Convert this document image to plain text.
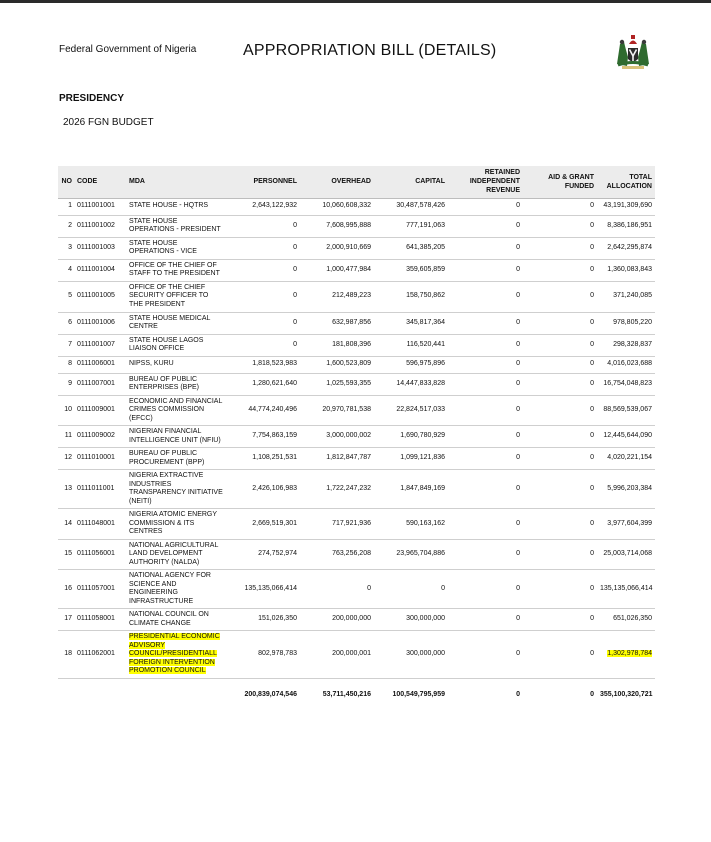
Federal Government of Nigeria	APPROPRIATION BILL (DETAILS)
PRESIDENCY
2026 FGN BUDGET
NO	CODE	MDA	PERSONNEL	OVERHEAD	CAPITAL	RETAINED INDEPENDENT REVENUE	AID & GRANT FUNDED	TOTAL ALLOCATION
1	0111001001	STATE HOUSE - HQTRS	2,643,122,932	10,060,608,332	30,487,578,426	0	0	43,191,309,690
2	0111001002	STATE HOUSE OPERATIONS - PRESIDENT	0	7,608,995,888	777,191,063	0	0	8,386,186,951
3	0111001003	STATE HOUSE OPERATIONS - VICE	0	2,000,910,669	641,385,205	0	0	2,642,295,874
4	0111001004	OFFICE OF THE CHIEF OF STAFF TO THE PRESIDENT	0	1,000,477,984	359,605,859	0	0	1,360,083,843
5	0111001005	OFFICE OF THE CHIEF SECURITY OFFICER TO THE PRESIDENT	0	212,489,223	158,750,862	0	0	371,240,085
6	0111001006	STATE HOUSE MEDICAL CENTRE	0	632,987,856	345,817,364	0	0	978,805,220
7	0111001007	STATE HOUSE LAGOS LIAISON OFFICE	0	181,808,396	116,520,441	0	0	298,328,837
8	0111006001	NIPSS, KURU	1,818,523,983	1,600,523,809	596,975,896	0	0	4,016,023,688
9	0111007001	BUREAU OF PUBLIC ENTERPRISES (BPE)	1,280,621,640	1,025,593,355	14,447,833,828	0	0	16,754,048,823
10	0111009001	ECONOMIC AND FINANCIAL CRIMES COMMISSION (EFCC)	44,774,240,496	20,970,781,538	22,824,517,033	0	0	88,569,539,067
11	0111009002	NIGERIAN FINANCIAL INTELLIGENCE UNIT (NFIU)	7,754,863,159	3,000,000,002	1,690,780,929	0	0	12,445,644,090
12	0111010001	BUREAU OF PUBLIC PROCUREMENT (BPP)	1,108,251,531	1,812,847,787	1,099,121,836	0	0	4,020,221,154
13	0111011001	NIGERIA EXTRACTIVE INDUSTRIES TRANSPARENCY INITIATIVE (NEITI)	2,426,106,983	1,722,247,232	1,847,849,169	0	0	5,996,203,384
14	0111048001	NIGERIA ATOMIC ENERGY COMMISSION & ITS CENTRES	2,669,519,301	717,921,936	590,163,162	0	0	3,977,604,399
15	0111056001	NATIONAL AGRICULTURAL LAND DEVELOPMENT AUTHORITY (NALDA)	274,752,974	763,256,208	23,965,704,886	0	0	25,003,714,068
16	0111057001	NATIONAL AGENCY FOR SCIENCE AND ENGINEERING INFRASTRUCTURE	135,135,066,414	0	0	0	0	135,135,066,414
17	0111058001	NATIONAL COUNCIL ON CLIMATE CHANGE	151,026,350	200,000,000	300,000,000	0	0	651,026,350
18	0111062001	PRESIDENTIAL ECONOMIC ADVISORY COUNCIL/PRESIDENTIALL FOREIGN INTERVENTION PROMOTION COUNCIL	802,978,783	200,000,001	300,000,000	0	0	1,302,978,784
			200,839,074,546	53,711,450,216	100,549,795,959	0	0	355,100,320,721
